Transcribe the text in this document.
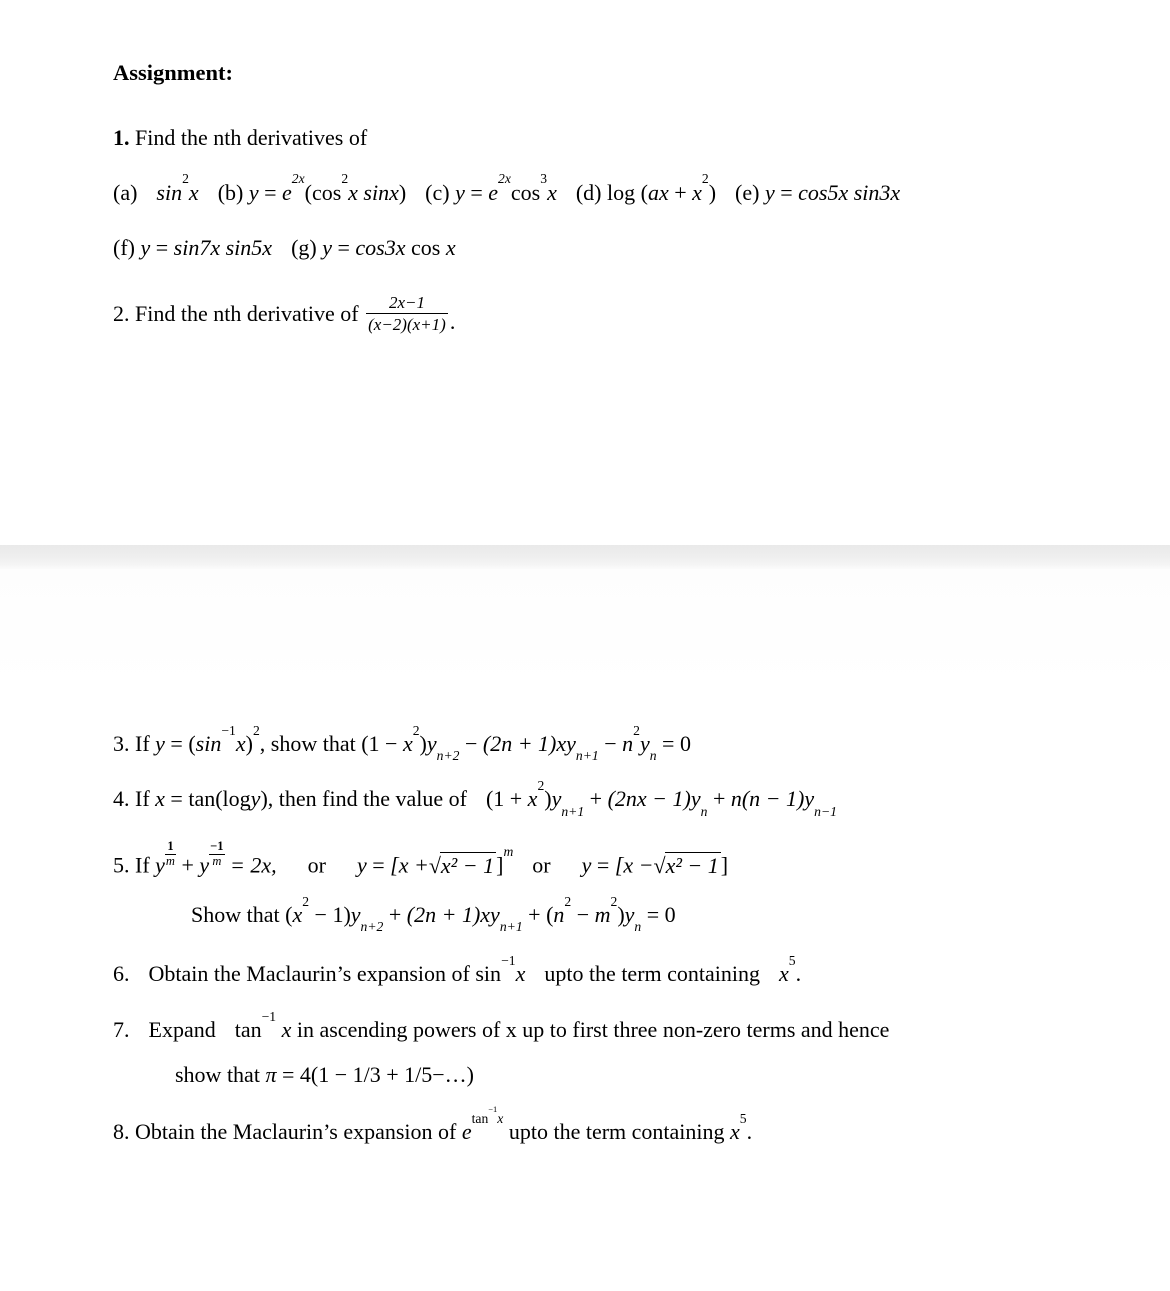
Assignment:
1. Find the nth derivatives of
(a) $\sin^2x$ (b) $y = e^{2x}(\cos^2x$ sinx) (c) $y = e^{2x}\cos^3x$ (d) $\log (ax + x^2)$ (e) y = cos5x sin3x
(f) y = sin7x sin5x (g) y = cos3x cos x
2. Find the nth derivative of $\frac{2x-1}{(x-2)(x+1)}$ .
3. If $y = (\sin^{-1}x)^2$, show that $(1 - x^2)y_{n+2} - (2n + 1)xy_{n+1} - n^2y_n = 0$
4. If x = tan(logy), then find the value of $(1 + x^2)y_{n+1} + (2nx - 1)y_n + n(n - 1)y_{n-1}$
5. If y $\frac{1}{m} + y \frac{-1}{m} = 2x$, or $y = [x +√x^2 - 1]^m$  or y = [x −√x² − 1]
Show that $(x^2 - 1)y_{n+2} + (2n + 1)xy_{n+1} + (n^2 - m^2)y_n = 0$
6. Obtain the Maclaurin’s expansion of $\sin^{-1}x$ upto the term containing $x^5$.
7. Expand $\tan^{-1} x$ in ascending powers of x up to first three non-zero terms and hence
show that π = 4(1 − 1/3 + 1/5−…)
8. Obtain the Maclaurin’s expansion of $e^{tan^{-1}x}$ upto the term containing $x^5$.
